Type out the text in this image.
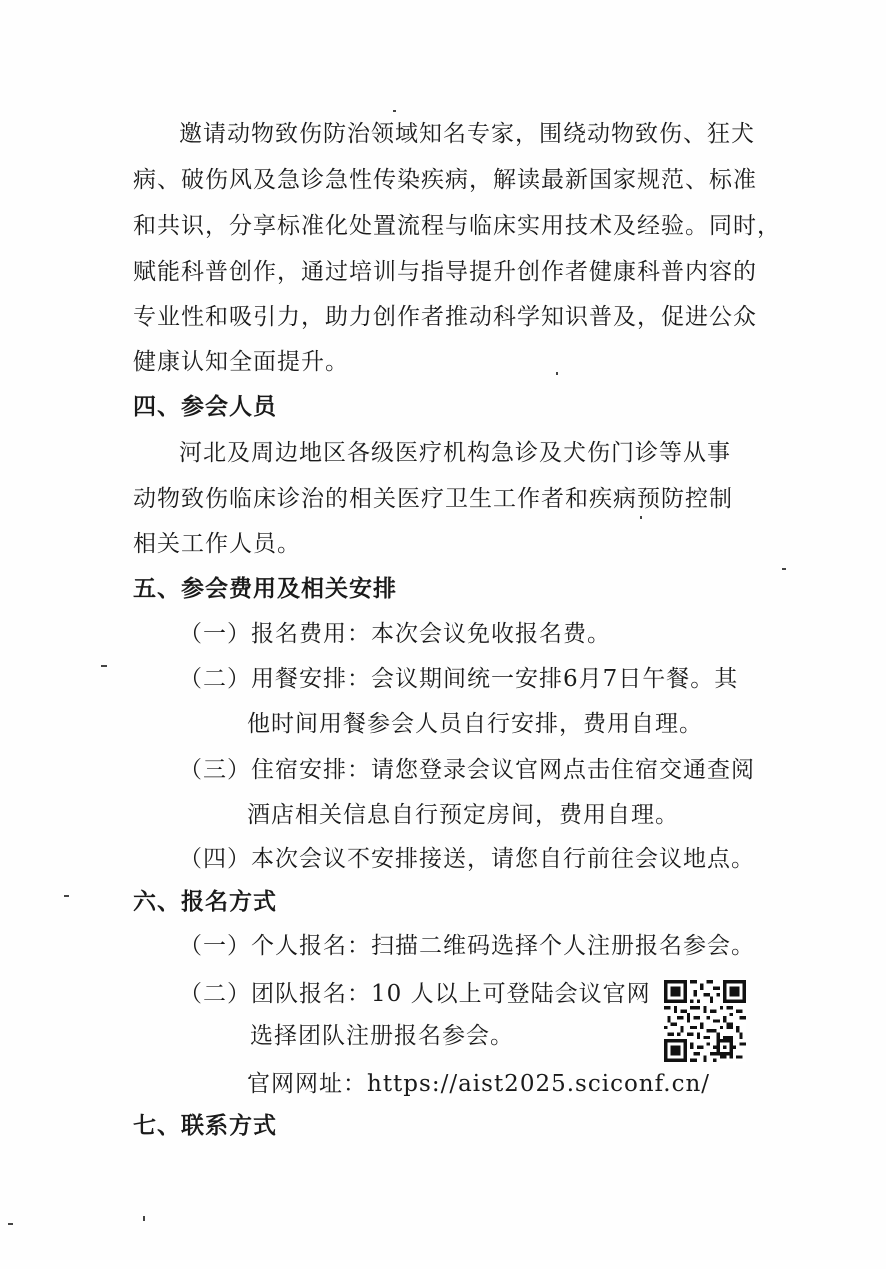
邀请动物致伤防治领域知名专家，围绕动物致伤、狂犬
病、破伤风及急诊急性传染疾病，解读最新国家规范、标准
和共识，分享标准化处置流程与临床实用技术及经验。同时，
赋能科普创作，通过培训与指导提升创作者健康科普内容的
专业性和吸引力，助力创作者推动科学知识普及，促进公众
健康认知全面提升。
四、参会人员
河北及周边地区各级医疗机构急诊及犬伤门诊等从事
动物致伤临床诊治的相关医疗卫生工作者和疾病预防控制
相关工作人员。
五、参会费用及相关安排
（一）报名费用：本次会议免收报名费。
（二）用餐安排：会议期间统一安排6月7日午餐。其
他时间用餐参会人员自行安排，费用自理。
（三）住宿安排：请您登录会议官网点击住宿交通查阅
酒店相关信息自行预定房间，费用自理。
（四）本次会议不安排接送，请您自行前往会议地点。
六、报名方式
（一）个人报名：扫描二维码选择个人注册报名参会。
（二）团队报名：10 人以上可登陆会议官网
选择团队注册报名参会。
官网网址：https://aist2025.sciconf.cn/
七、联系方式
